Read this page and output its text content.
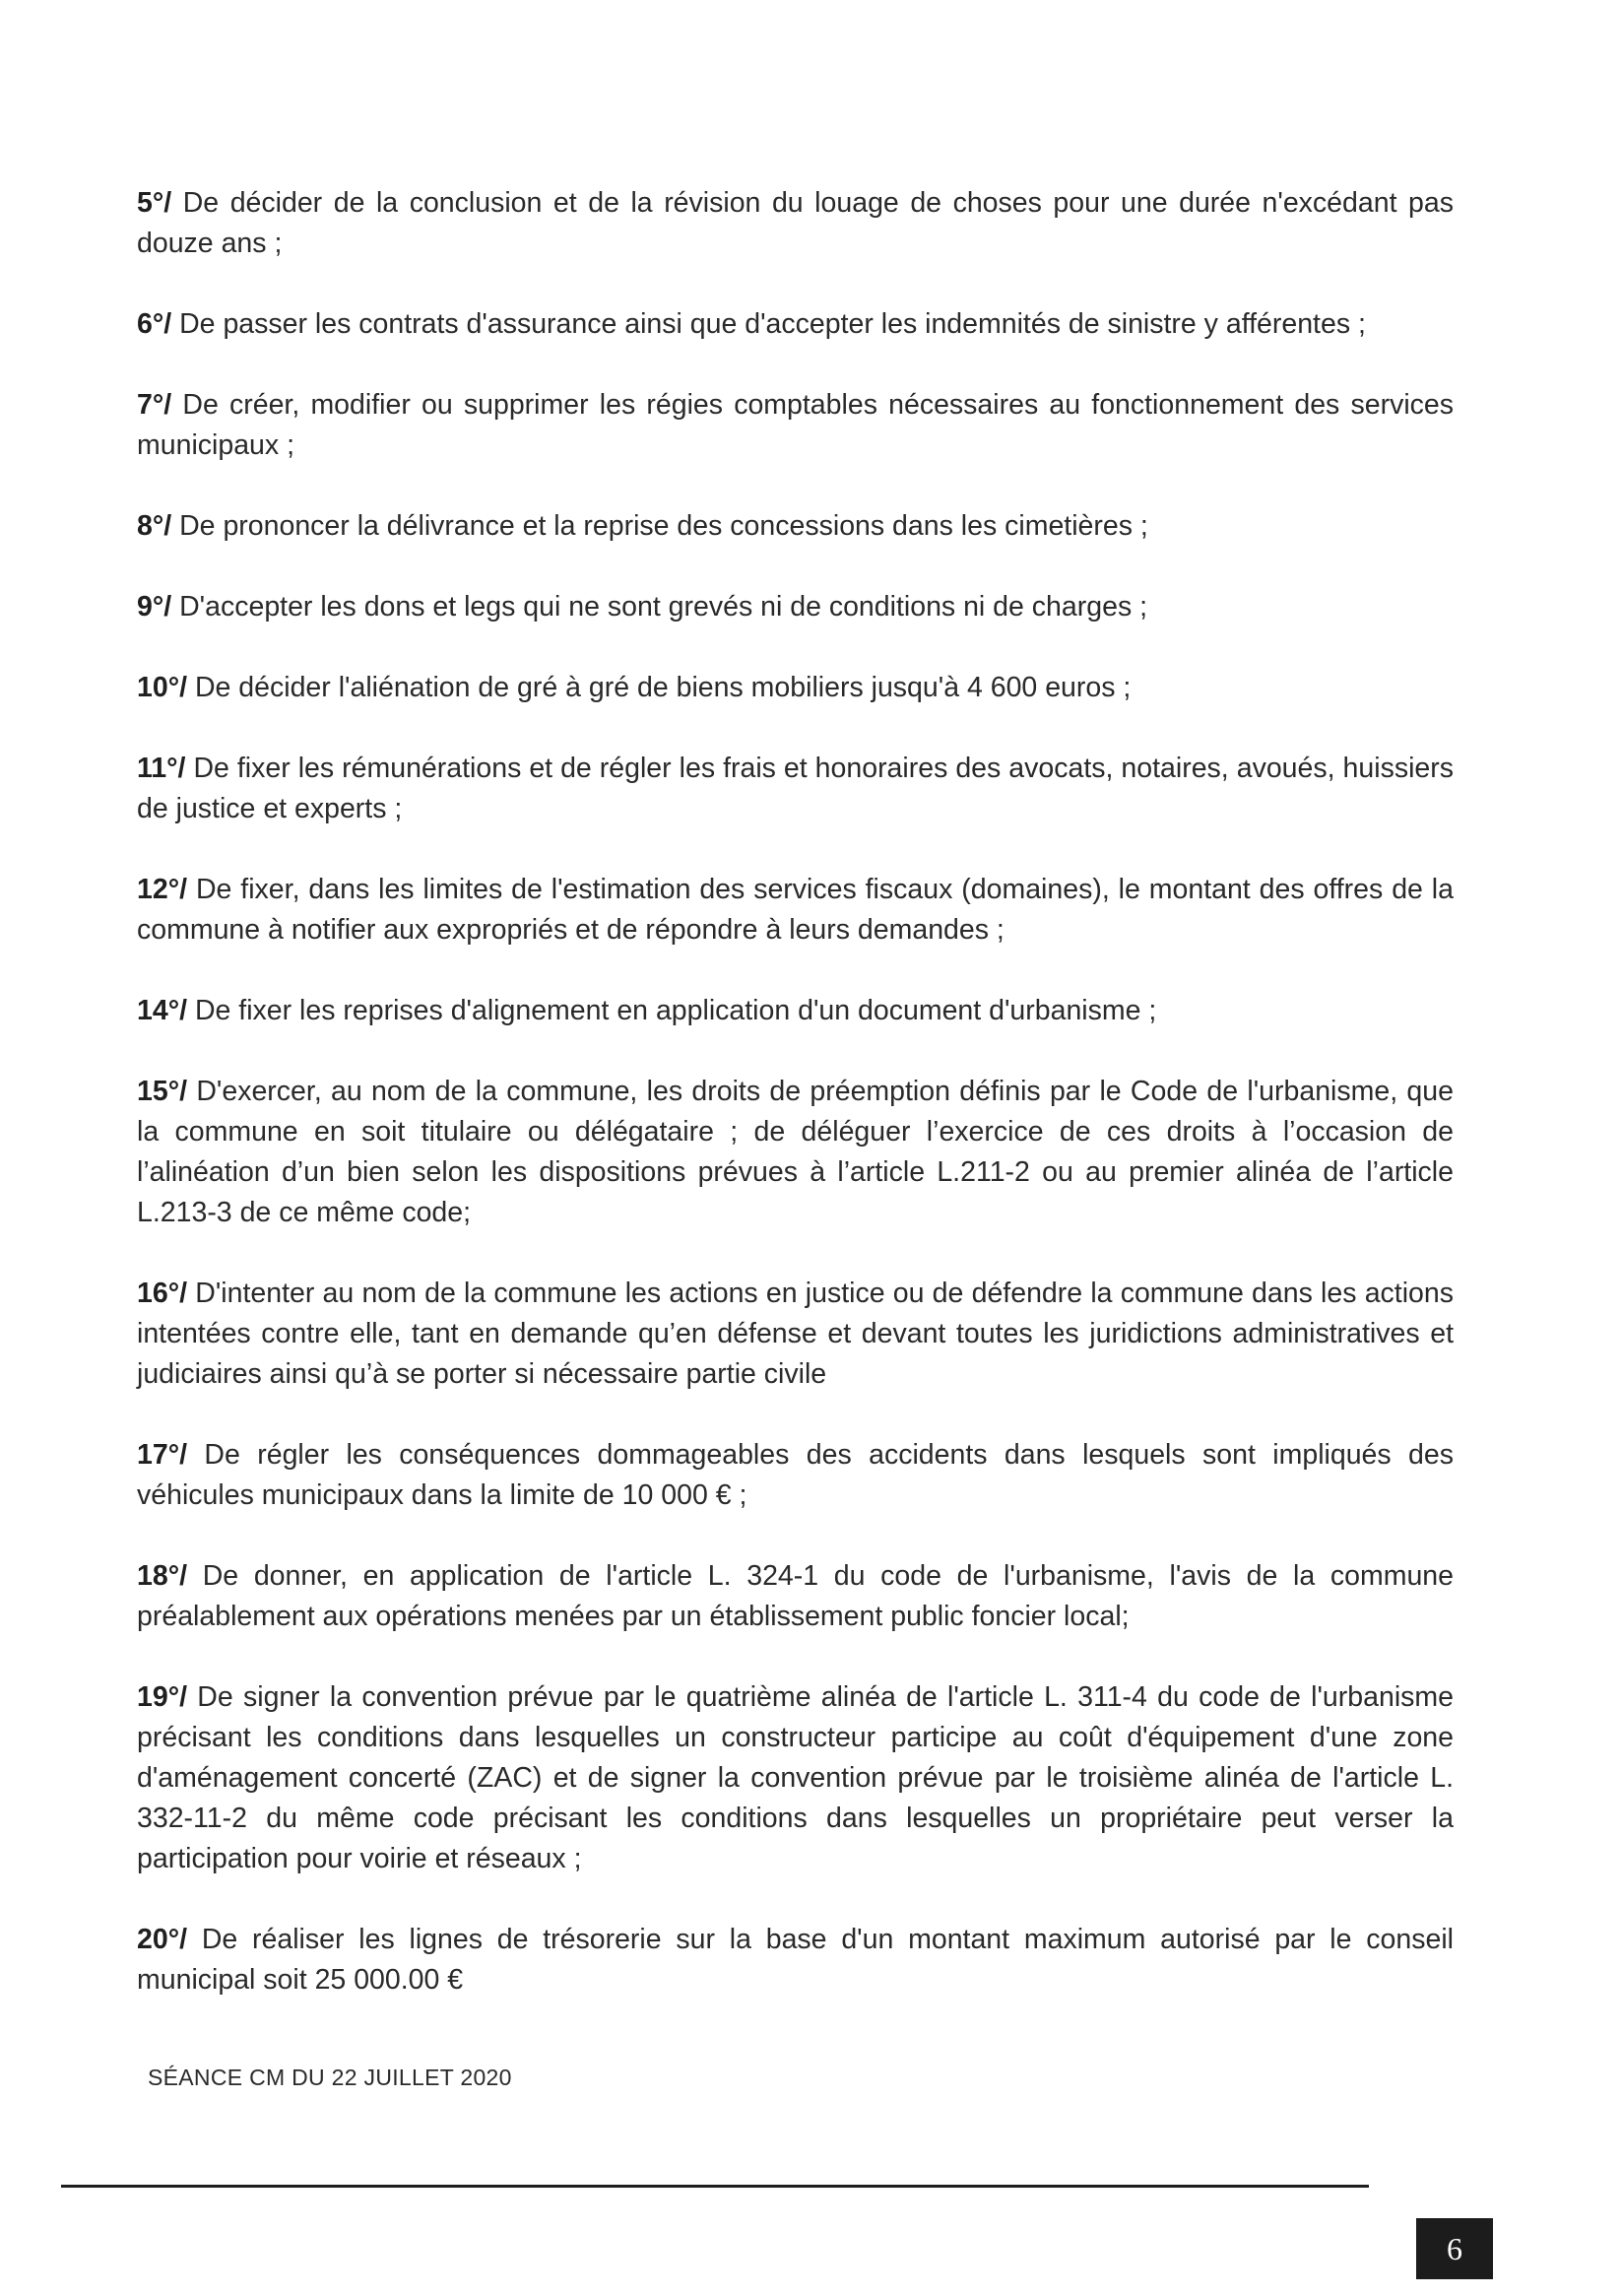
5°/ De décider de la conclusion et de la révision du louage de choses pour une durée n'excédant pas douze ans ;

6°/ De passer les contrats d'assurance ainsi que d'accepter les indemnités de sinistre y afférentes ;

7°/ De créer, modifier ou supprimer les régies comptables nécessaires au fonctionnement des services municipaux ;

8°/ De prononcer la délivrance et la reprise des concessions dans les cimetières ;

9°/ D'accepter les dons et legs qui ne sont grevés ni de conditions ni de charges ;

10°/ De décider l'aliénation de gré à gré de biens mobiliers jusqu'à 4 600 euros ;

11°/ De fixer les rémunérations et de régler les frais et honoraires des avocats, notaires, avoués, huissiers de justice et experts ;

12°/ De fixer, dans les limites de l'estimation des services fiscaux (domaines), le montant des offres de la commune à notifier aux expropriés et de répondre à leurs demandes ;

14°/ De fixer les reprises d'alignement en application d'un document d'urbanisme ;

15°/ D'exercer, au nom de la commune, les droits de préemption définis par le Code de l'urbanisme, que la commune en soit titulaire ou délégataire ; de déléguer l’exercice de ces droits à l’occasion de l’alinéation d’un bien selon les dispositions prévues à l’article L.211-2 ou au premier alinéa de l’article L.213-3 de ce même code;

16°/ D'intenter au nom de la commune les actions en justice ou de défendre la commune dans les actions intentées contre elle, tant en demande qu’en défense et devant toutes les juridictions administratives et judiciaires ainsi qu’à se porter si nécessaire partie civile

17°/ De régler les conséquences dommageables des accidents dans lesquels sont impliqués des véhicules municipaux dans la limite de 10 000 € ;

18°/ De donner, en application de l'article L. 324-1 du code de l'urbanisme, l'avis de la commune préalablement aux opérations menées par un établissement public foncier local;

19°/ De signer la convention prévue par le quatrième alinéa de l'article L. 311-4 du code de l'urbanisme précisant les conditions dans lesquelles un constructeur participe au coût d'équipement d'une zone d'aménagement concerté (ZAC) et de signer la convention prévue par le troisième alinéa de l'article L. 332-11-2 du même code précisant les conditions dans lesquelles un propriétaire peut verser la participation pour voirie et réseaux ;

20°/ De réaliser les lignes de trésorerie sur la base d'un montant maximum autorisé par le conseil municipal soit 25 000.00 €

SÉANCE CM DU 22 JUILLET 2020
6
